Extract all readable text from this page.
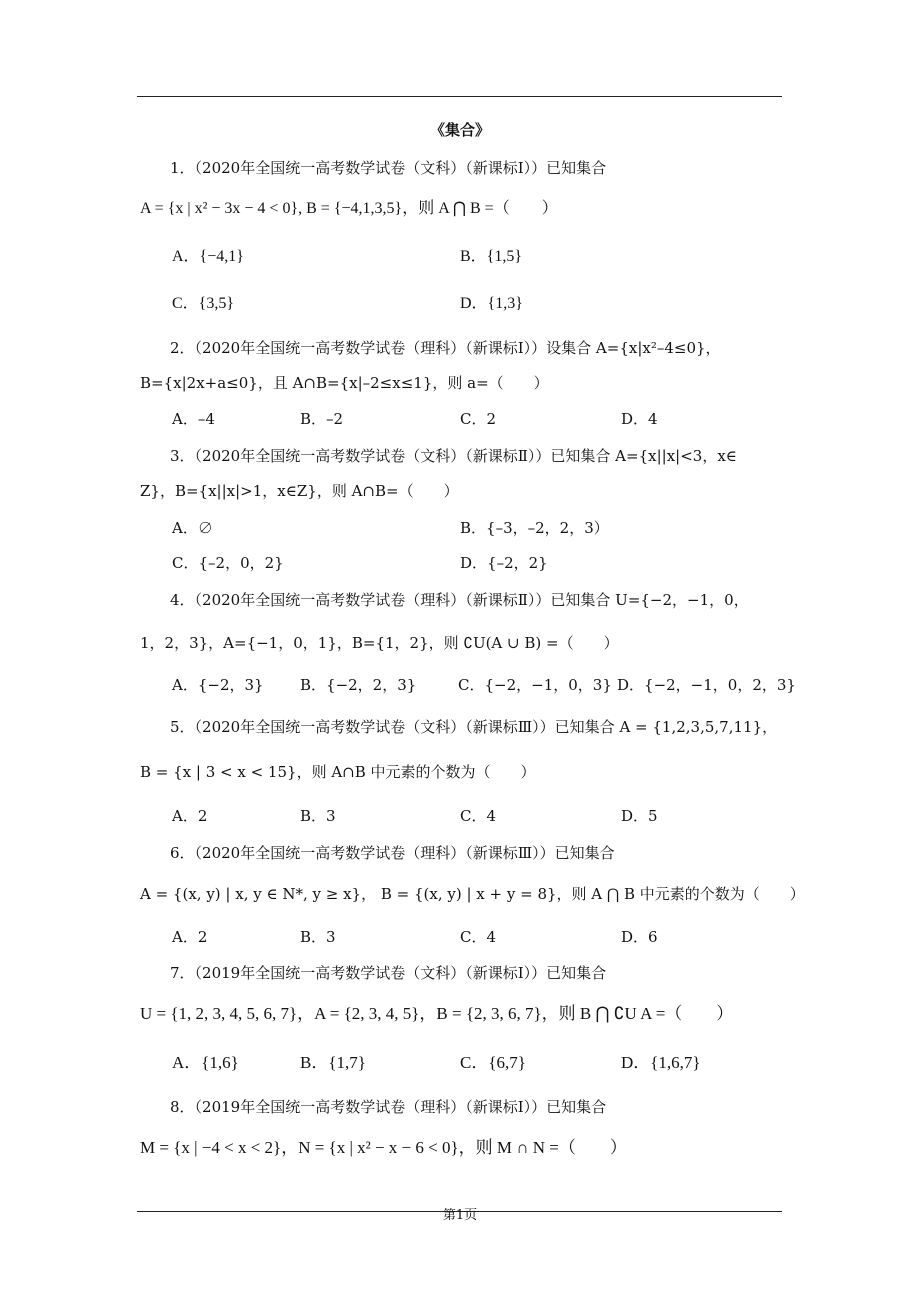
《集合》
1．（2020年全国统一高考数学试卷（文科）（新课标Ⅰ））已知集合
A = {x | x² − 3x − 4 < 0}, B = {−4,1,3,5}，则 A ⋂ B =（　　）
A．{−4,1}	B．{1,5}
C．{3,5}	D．{1,3}
2．（2020年全国统一高考数学试卷（理科）（新课标Ⅰ））设集合 A={x|x²–4≤0}，
B={x|2x+a≤0}，且 A∩B={x|–2≤x≤1}，则 a=（　　）
A．–4	B．–2	C．2	D．4
3．（2020年全国统一高考数学试卷（文科）（新课标Ⅱ））已知集合 A={x||x|<3，x∈
Z}，B={x||x|>1，x∈Z}，则 A∩B=（　　）
A．∅	B．{–3，–2，2，3）
C．{–2，0，2}	D．{–2，2}
4．（2020年全国统一高考数学试卷（理科）（新课标Ⅱ））已知集合 U={−2，−1，0，
1，2，3}，A={−1，0，1}，B={1，2}，则 ∁U(A ∪ B) =（　　）
A．{−2，3} B．{−2，2，3}	C．{−2，−1，0，3} D．{−2，−1，0，2，3}
5．（2020年全国统一高考数学试卷（文科）（新课标Ⅲ））已知集合 A = {1,2,3,5,7,11}，
B = {x | 3 < x < 15}，则 A∩B 中元素的个数为（　　）
A．2	B．3	C．4	D．5
6．（2020年全国统一高考数学试卷（理科）（新课标Ⅲ））已知集合
A = {(x, y) | x, y ∈ N*, y ≥ x}， B = {(x, y) | x + y = 8}，则 A ⋂ B 中元素的个数为（　　）
A．2	B．3	C．4	D．6
7．（2019年全国统一高考数学试卷（文科）（新课标Ⅰ））已知集合
U = {1, 2, 3, 4, 5, 6, 7}，A = {2, 3, 4, 5}，B = {2, 3, 6, 7}，则 B ⋂ ∁U A =（　　）
A．{1,6}	B．{1,7}	C．{6,7}	D．{1,6,7}
8．（2019年全国统一高考数学试卷（理科）（新课标Ⅰ））已知集合
M = {x | −4 < x < 2}，N = {x | x² − x − 6 < 0}，则 M ∩ N =（　　）
第1页
